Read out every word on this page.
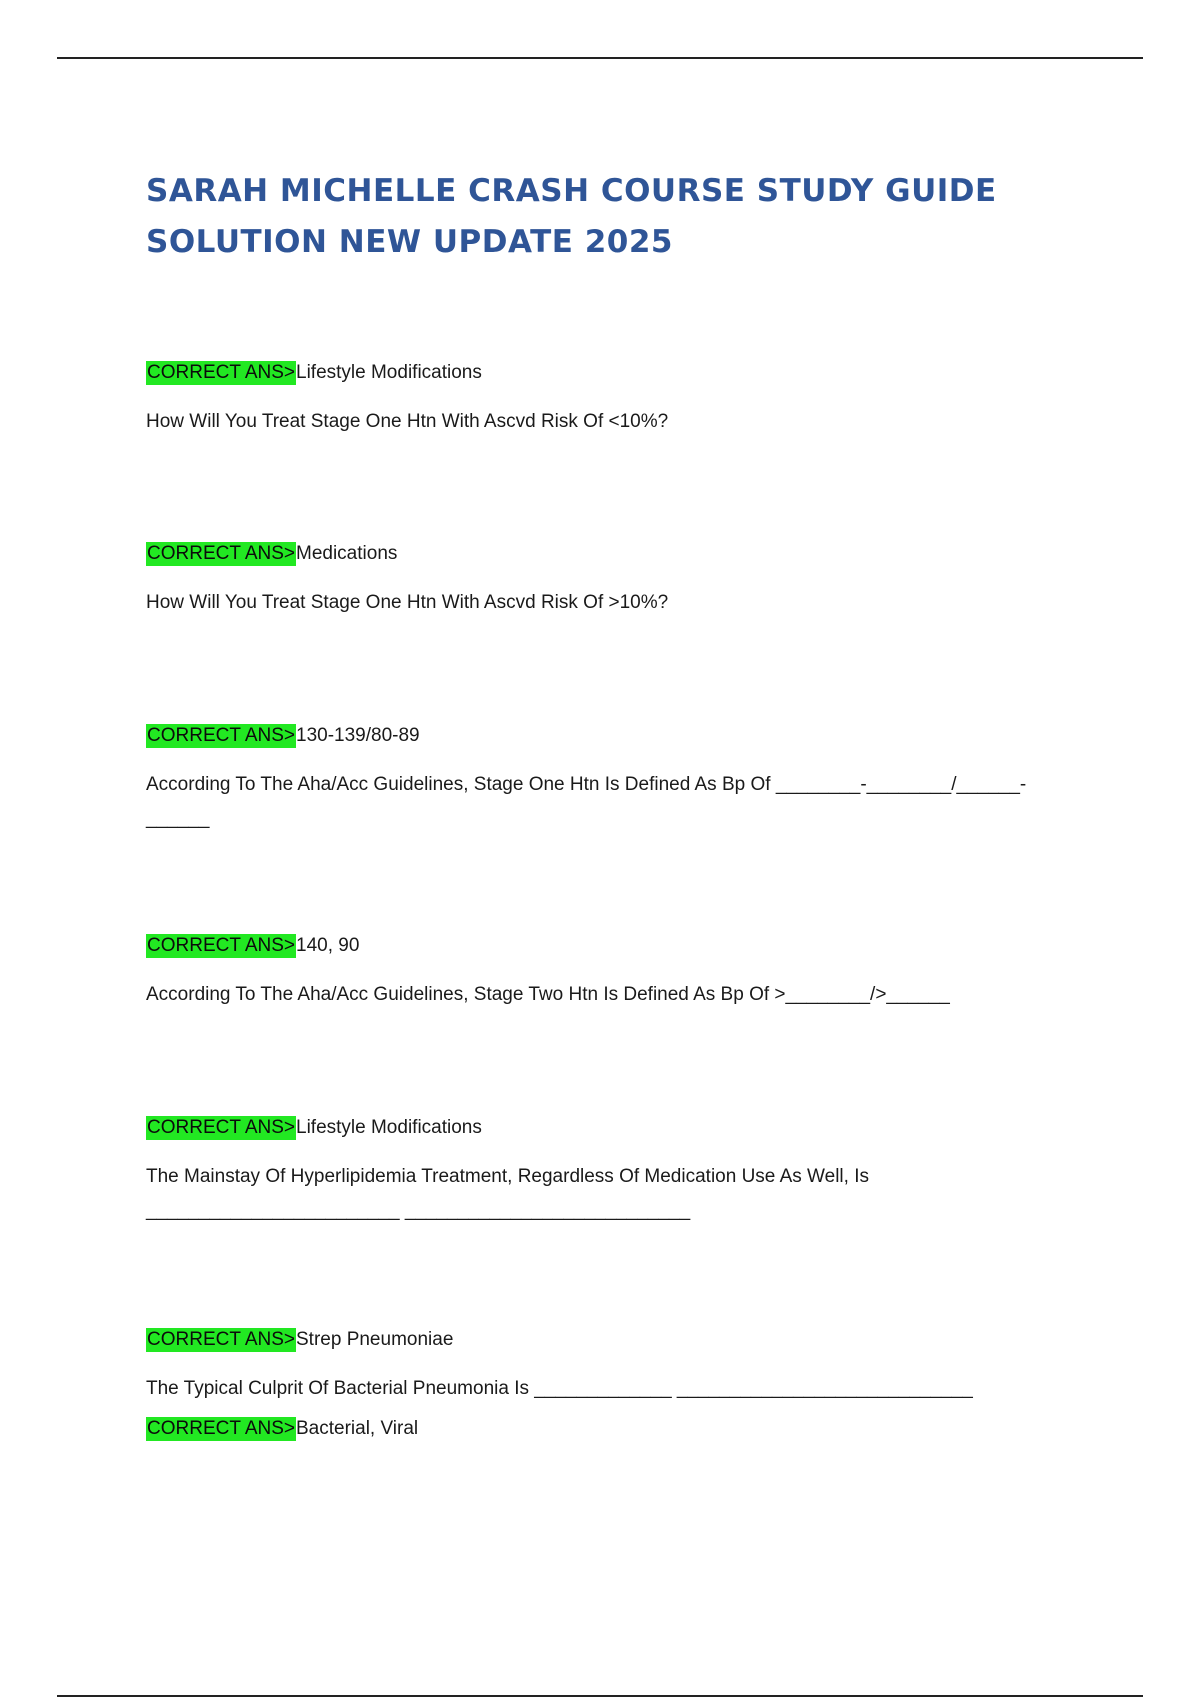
SARAH MICHELLE CRASH COURSE STUDY GUIDE SOLUTION NEW UPDATE 2025
CORRECT ANS>Lifestyle Modifications
How Will You Treat Stage One Htn With Ascvd Risk Of <10%?
CORRECT ANS>Medications
How Will You Treat Stage One Htn With Ascvd Risk Of >10%?
CORRECT ANS>130-139/80-89
According To The Aha/Acc Guidelines, Stage One Htn Is Defined As Bp Of ________-________/______-
______
CORRECT ANS>140, 90
According To The Aha/Acc Guidelines, Stage Two Htn Is Defined As Bp Of >________/>______
CORRECT ANS>Lifestyle Modifications
The Mainstay Of Hyperlipidemia Treatment, Regardless Of Medication Use As Well, Is
________________________ ___________________________
CORRECT ANS>Strep Pneumoniae
The Typical Culprit Of Bacterial Pneumonia Is _____________ ____________________________
CORRECT ANS>Bacterial, Viral
